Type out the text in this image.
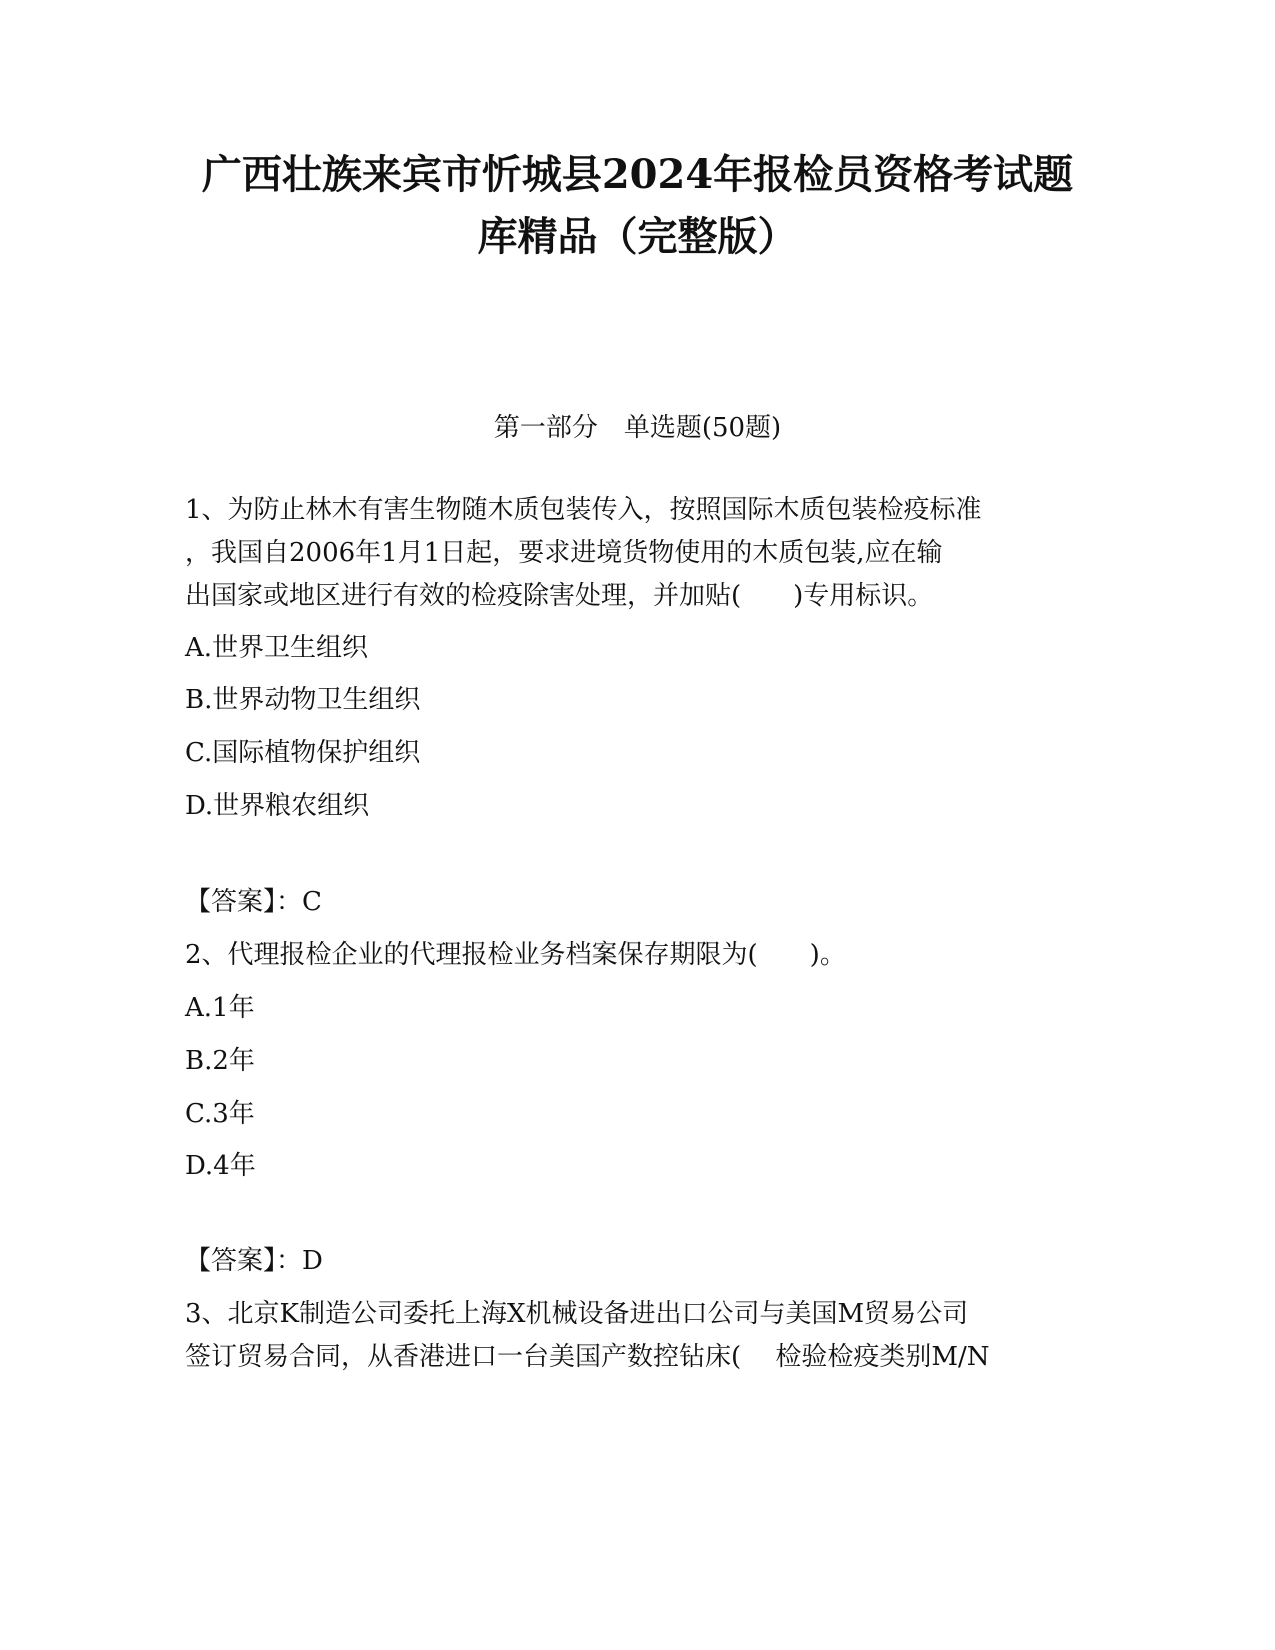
广西壮族来宾市忻城县2024年报检员资格考试题
库精品（完整版）
第一部分　单选题(50题)
1、为防止林木有害生物随木质包装传入，按照国际木质包装检疫标准
，我国自2006年1月1日起，要求进境货物使用的木质包装,应在输
出国家或地区进行有效的检疫除害处理，并加贴(　　)专用标识。
A.世界卫生组织
B.世界动物卫生组织
C.国际植物保护组织
D.世界粮农组织
【答案】：C
2、代理报检企业的代理报检业务档案保存期限为(　　)。
A.1年
B.2年
C.3年
D.4年
【答案】：D
3、北京K制造公司委托上海X机械设备进出口公司与美国M贸易公司
签订贸易合同，从香港进口一台美国产数控钻床(　 检验检疫类别M/N
